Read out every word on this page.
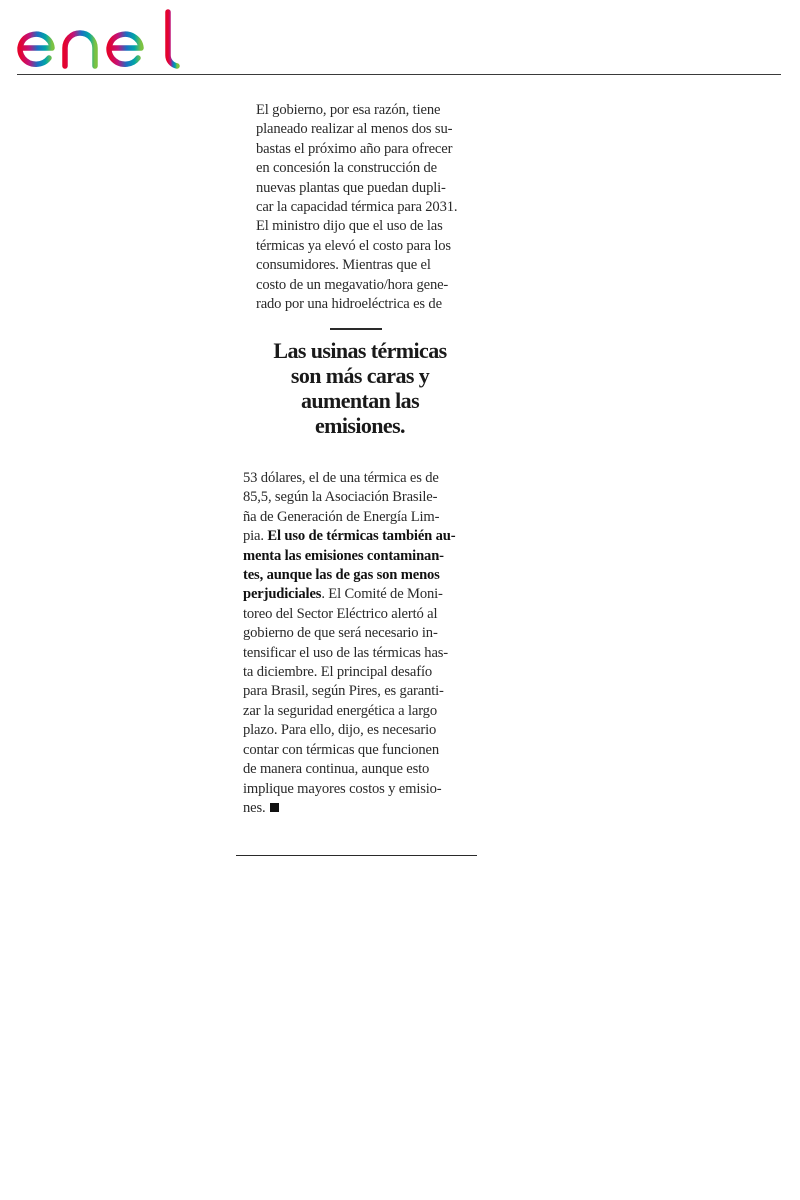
El gobierno, por esa razón, tiene
planeado realizar al menos dos su-
bastas el próximo año para ofrecer
en concesión la construcción de
nuevas plantas que puedan dupli-
car la capacidad térmica para 2031.

El ministro dijo que el uso de las
térmicas ya elevó el costo para los
consumidores. Mientras que el
costo de un megavatio/hora gene-
rado por una hidroeléctrica es de

Las usinas térmicas
son más caras y
aumentan las
emisiones.

53 dólares, el de una térmica es de
85,5, según la Asociación Brasile-
ña de Generación de Energía Lim-
pia. El uso de térmicas también au-
menta las emisiones contaminan-
tes, aunque las de gas son menos
perjudiciales. El Comité de Moni-
toreo del Sector Eléctrico alertó al
gobierno de que será necesario in-
tensificar el uso de las térmicas has-
ta diciembre. El principal desafío
para Brasil, según Pires, es garanti-
zar la seguridad energética a largo
plazo. Para ello, dijo, es necesario
contar con térmicas que funcionen
de manera continua, aunque esto
implique mayores costos y emisio-
nes.
